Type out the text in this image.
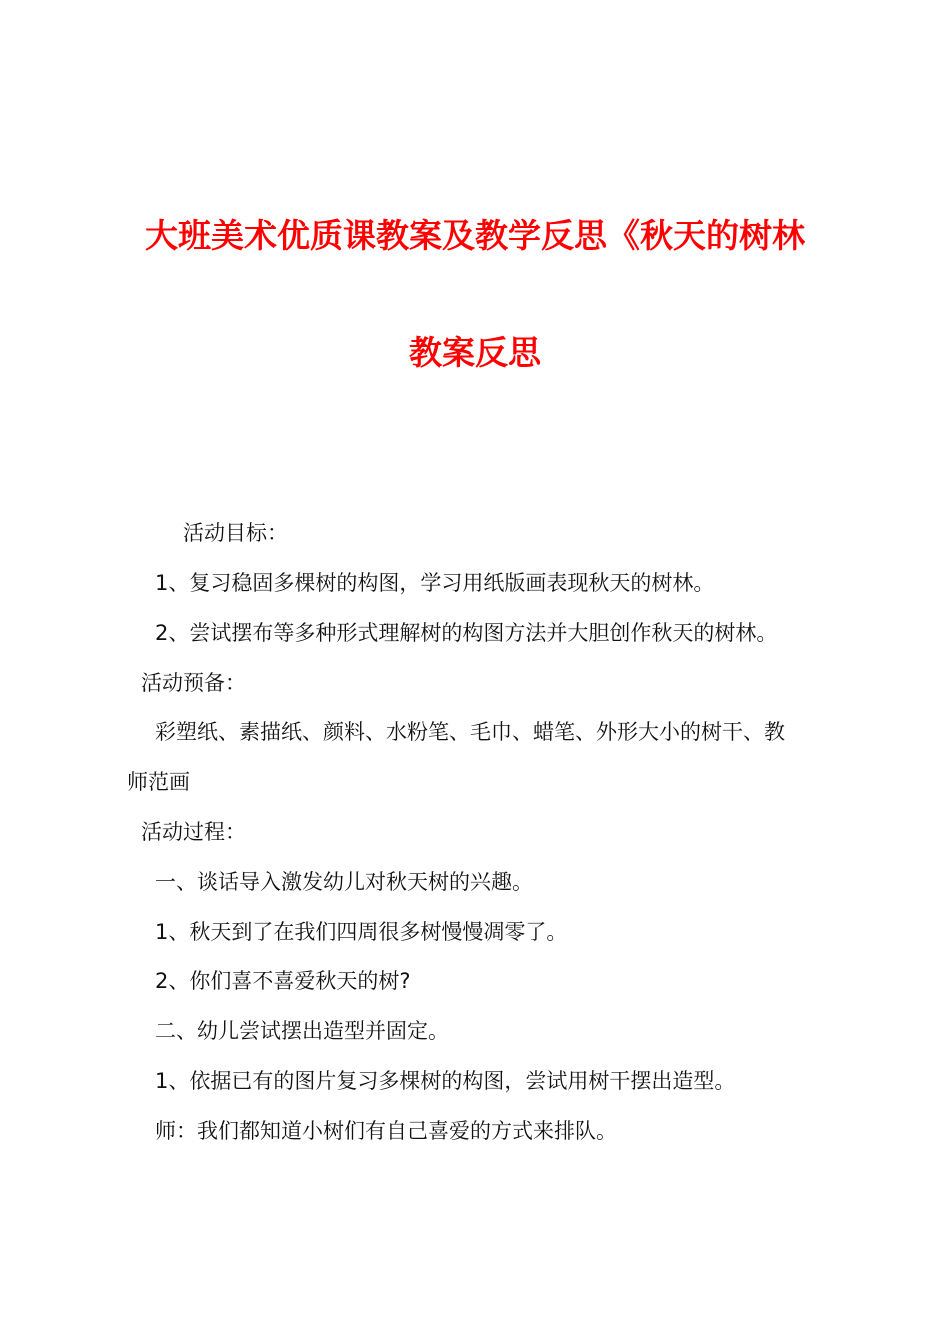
大班美术优质课教案及教学反思《秋天的树林
教案反思
活动目标：
1、复习稳固多棵树的构图，学习用纸版画表现秋天的树林。
2、尝试摆布等多种形式理解树的构图方法并大胆创作秋天的树林。
活动预备：
彩塑纸、素描纸、颜料、水粉笔、毛巾、蜡笔、外形大小的树干、教
师范画
活动过程：
一、谈话导入激发幼儿对秋天树的兴趣。
1、秋天到了在我们四周很多树慢慢凋零了。
2、你们喜不喜爱秋天的树?
二、幼儿尝试摆出造型并固定。
1、依据已有的图片复习多棵树的构图，尝试用树干摆出造型。
师：我们都知道小树们有自己喜爱的方式来排队。
